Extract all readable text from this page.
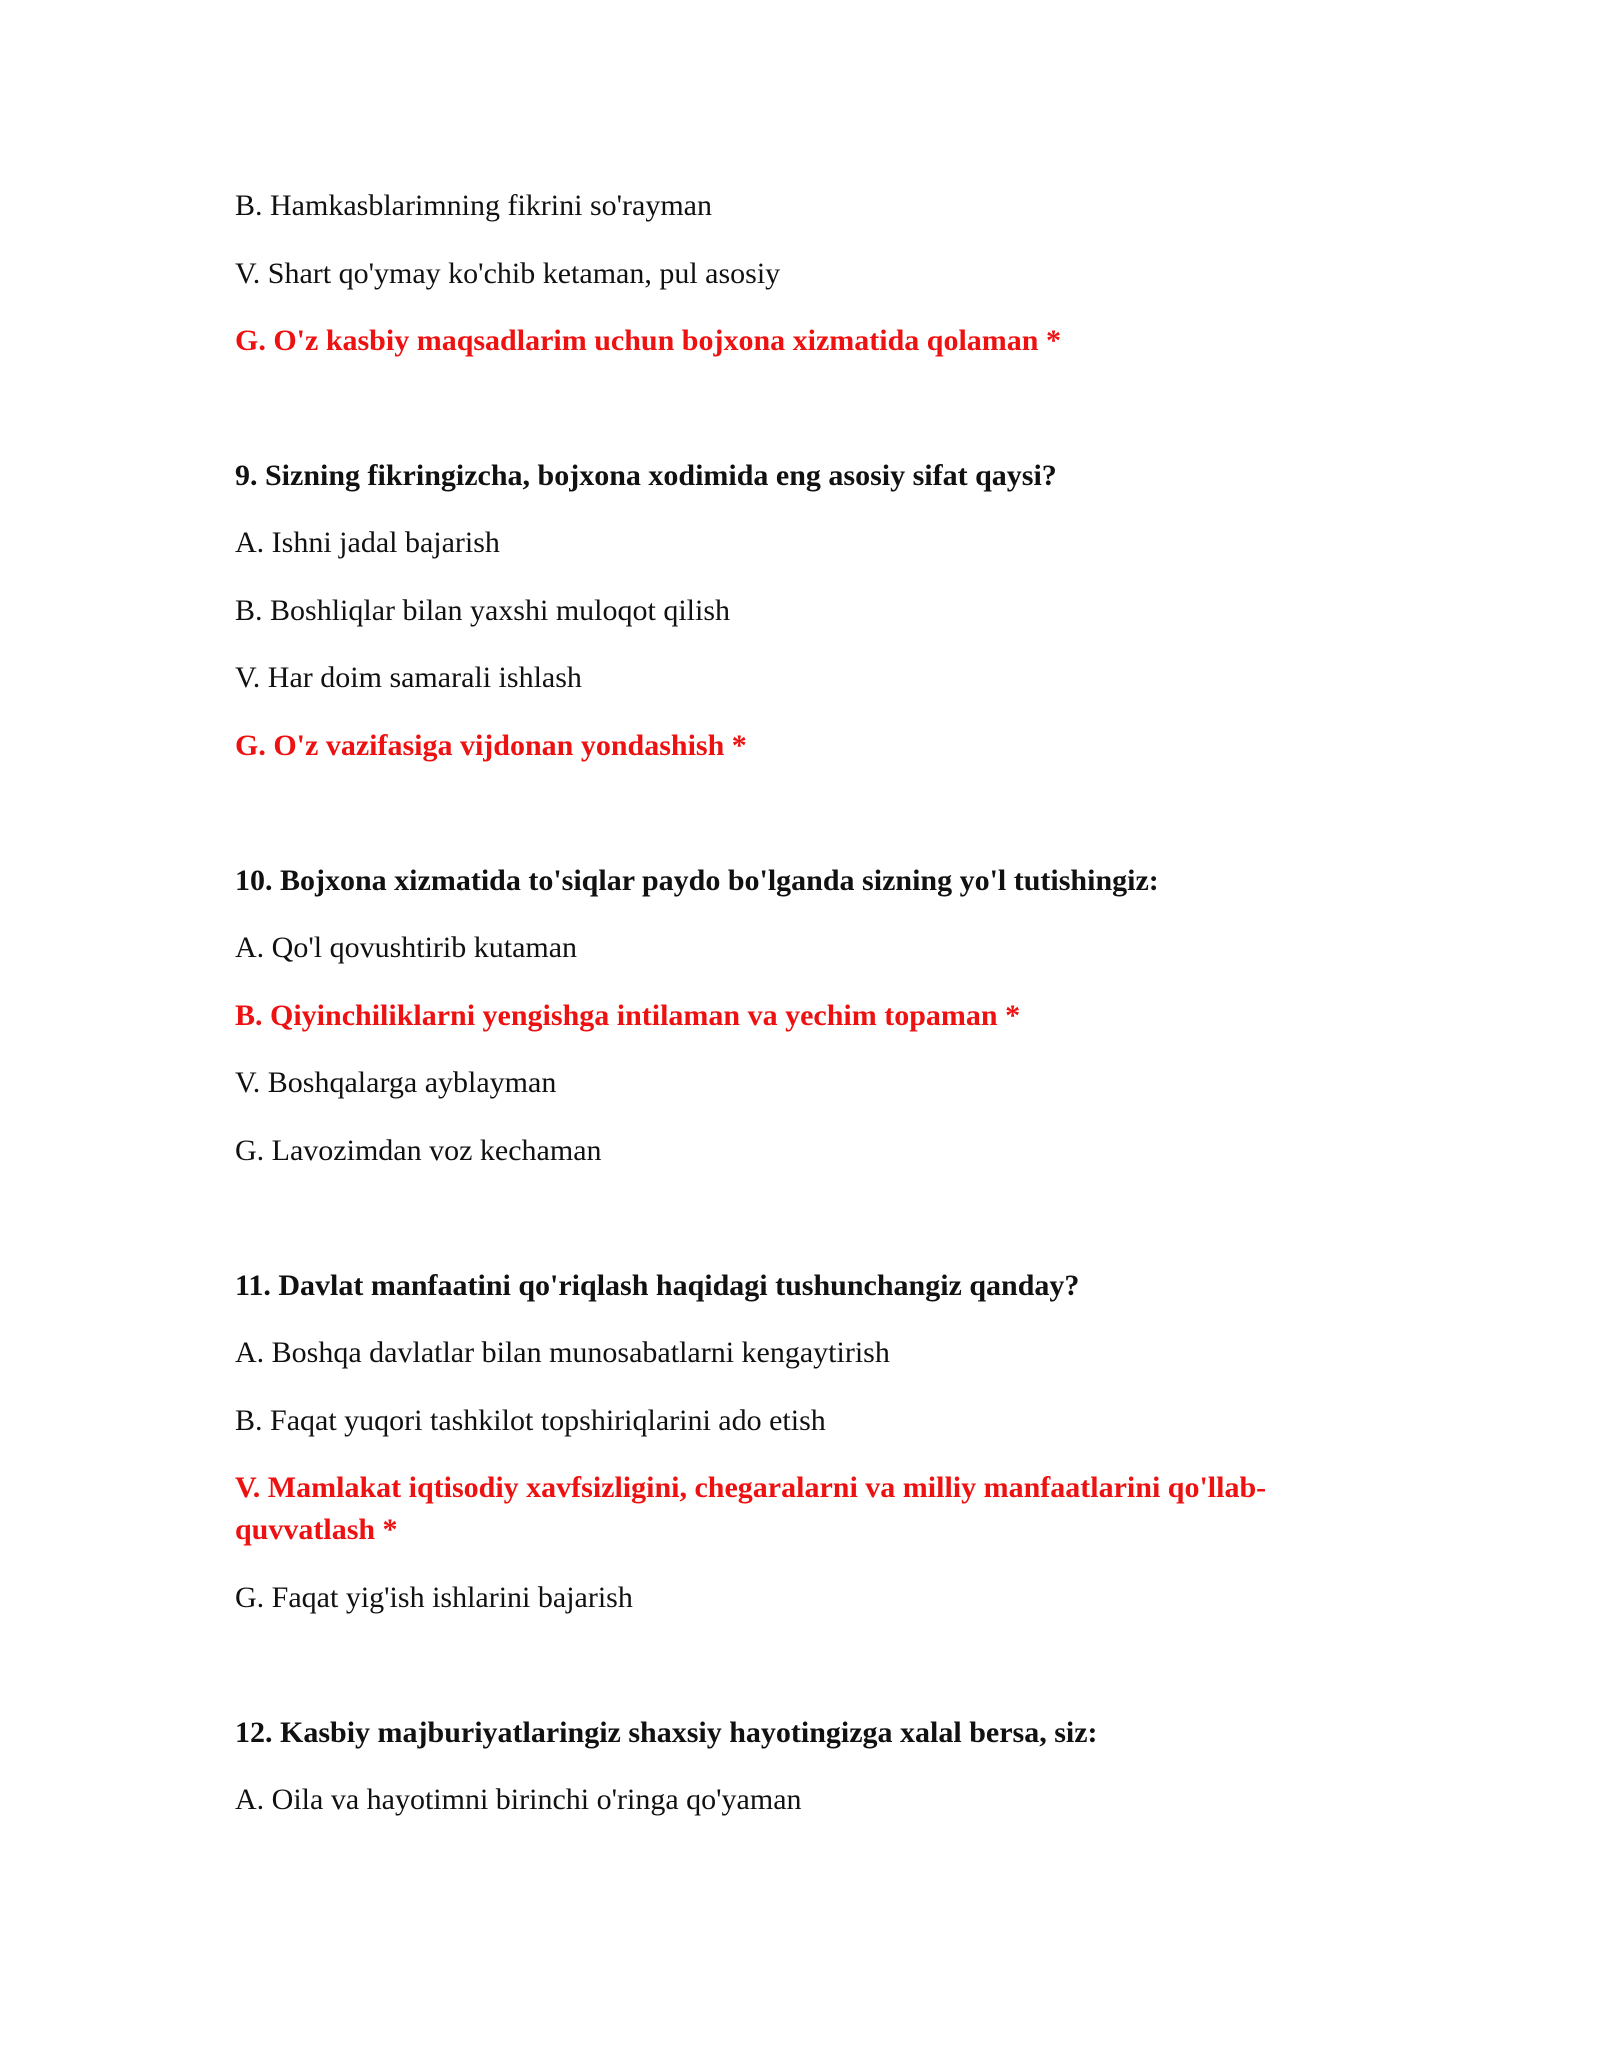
B. Hamkasblarimning fikrini so'rayman
V. Shart qo'ymay ko'chib ketaman, pul asosiy
G. O'z kasbiy maqsadlarim uchun bojxona xizmatida qolaman *
9. Sizning fikringizcha, bojxona xodimida eng asosiy sifat qaysi?
A. Ishni jadal bajarish
B. Boshliqlar bilan yaxshi muloqot qilish
V. Har doim samarali ishlash
G. O'z vazifasiga vijdonan yondashish *
10. Bojxona xizmatida to'siqlar paydo bo'lganda sizning yo'l tutishingiz:
A. Qo'l qovushtirib kutaman
B. Qiyinchiliklarni yengishga intilaman va yechim topaman *
V. Boshqalarga ayblayman
G. Lavozimdan voz kechaman
11. Davlat manfaatini qo'riqlash haqidagi tushunchangiz qanday?
A. Boshqa davlatlar bilan munosabatlarni kengaytirish
B. Faqat yuqori tashkilot topshiriqlarini ado etish
V. Mamlakat iqtisodiy xavfsizligini, chegaralarni va milliy manfaatlarini qo'llab-quvvatlash *
G. Faqat yig'ish ishlarini bajarish
12. Kasbiy majburiyatlaringiz shaxsiy hayotingizga xalal bersa, siz:
A. Oila va hayotimni birinchi o'ringa qo'yaman
